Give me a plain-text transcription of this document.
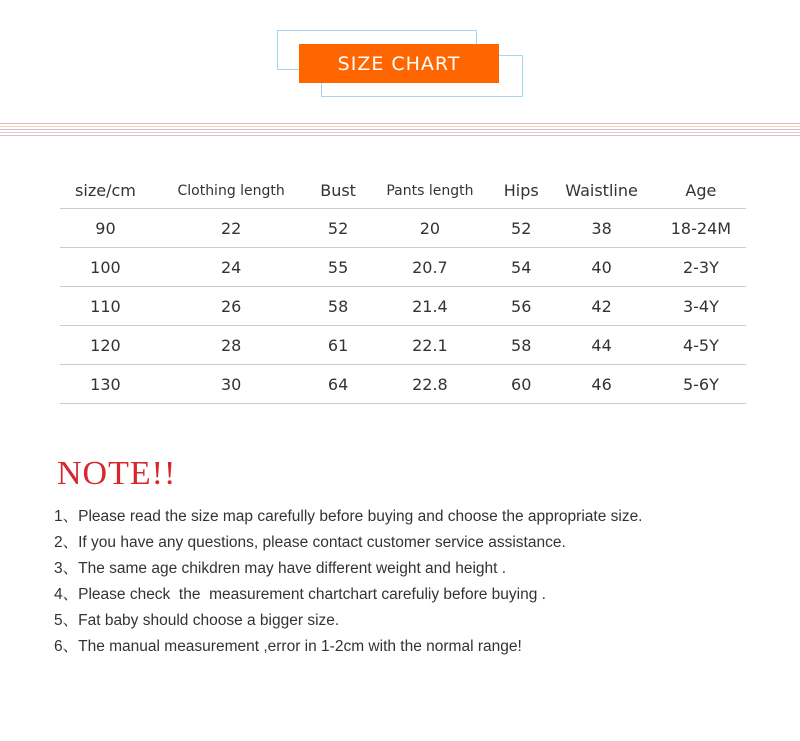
SIZE CHART
size/cm	Clothing length	Bust	Pants length	Hips	Waistline	Age
90	22	52	20	52	38	18-24M
100	24	55	20.7	54	40	2-3Y
110	26	58	21.4	56	42	3-4Y
120	28	61	22.1	58	44	4-5Y
130	30	64	22.8	60	46	5-6Y
NOTE!!
1、Please read the size map carefully before buying and choose the appropriate size.
2、If you have any questions, please contact customer service assistance.
3、The same age chikdren may have different weight and height .
4、Please check  the  measurement chartchart carefuliy before buying .
5、Fat baby should choose a bigger size.
6、The manual measurement ,error in 1-2cm with the normal range!
